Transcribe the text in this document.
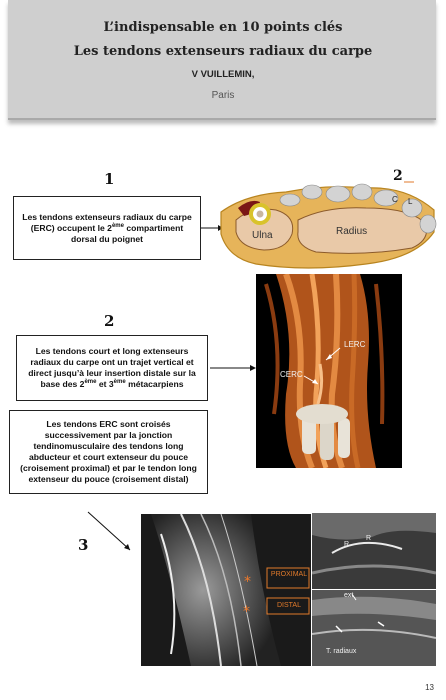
L’indispensable en 10 points clés
Les tendons extenseurs radiaux du carpe
V VUILLEMIN,
Paris
1
Les tendons extenseurs radiaux du carpe (ERC) occupent le 2ème compartiment dorsal du poignet
2
Ulna	Radius
C L
2
Les tendons court et long extenseurs radiaux du carpe ont un trajet vertical et direct jusqu’à leur insertion distale sur la base des 2ème et 3ème métacarpiens
LERC
CERC
Les tendons ERC sont croisés successivement par la jonction tendinomusculaire des tendons long abducteur et court extenseur du pouce (croisement proximal) et par le tendon long extenseur du pouce (croisement distal)
3
*
*
PROXIMAL
DISTAL
R
R
ext
T. radiaux
13
